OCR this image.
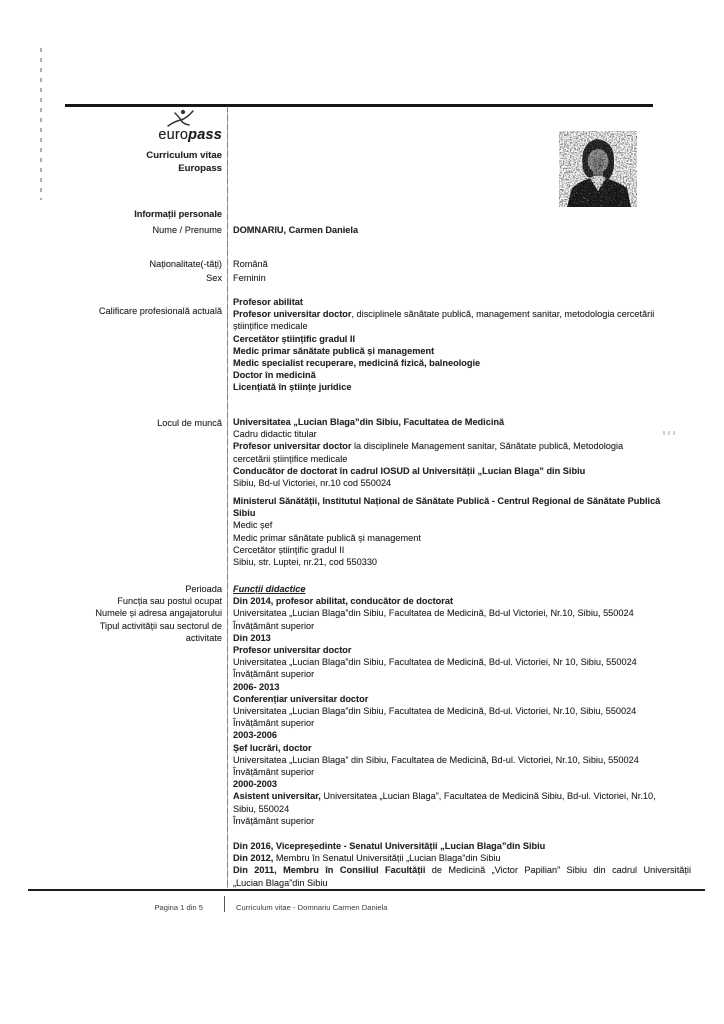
europass
Curriculum vitae
Europass
Informații personale
Nume / Prenume DOMNARIU, Carmen Daniela
Naționalitate(-tăți) Română
Sex Feminin
Calificare profesională actuală
Profesor abilitat
Profesor universitar doctor, disciplinele sănătate publică, management sanitar, metodologia cercetării
științifice medicale
Cercetător științific gradul II
Medic primar sănătate publică și management
Medic specialist recuperare, medicină fizică, balneologie
Doctor în medicină
Licențiată în științe juridice
Locul de muncă Universitatea „Lucian Blaga”din Sibiu, Facultatea de Medicină
Cadru didactic titular
Profesor universitar doctor la disciplinele Management sanitar, Sănătate publică, Metodologia
cercetării științifice medicale
Conducător de doctorat în cadrul IOSUD al Universității „Lucian Blaga” din Sibiu
Sibiu, Bd-ul Victoriei, nr.10 cod 550024
Ministerul Sănătății, Institutul Național de Sănătate Publică - Centrul Regional de Sănătate Publică
Sibiu
Medic șef
Medic primar sănătate publică și management
Cercetător științific gradul II
Sibiu, str. Luptei, nr.21, cod 550330
Perioada
Funcția sau postul ocupat
Numele și adresa angajatorului
Tipul activității sau sectorul de
activitate
Funcții didactice
Din 2014, profesor abilitat, conducător de doctorat
Universitatea „Lucian Blaga”din Sibiu, Facultatea de Medicină, Bd-ul Victoriei, Nr.10, Sibiu, 550024
Învățământ superior
Din 2013
Profesor universitar doctor
Universitatea „Lucian Blaga”din Sibiu, Facultatea de Medicină, Bd-ul. Victoriei, Nr 10, Sibiu, 550024
Învățământ superior
2006- 2013
Conferențiar universitar doctor
Universitatea „Lucian Blaga”din Sibiu, Facultatea de Medicină, Bd-ul. Victoriei, Nr.10, Sibiu, 550024
Învățământ superior
2003-2006
Șef lucrări, doctor
Universitatea „Lucian Blaga” din Sibiu, Facultatea de Medicină, Bd-ul. Victoriei, Nr.10, Sibiu, 550024
Învățământ superior
2000-2003
Asistent universitar, Universitatea „Lucian Blaga”, Facultatea de Medicină Sibiu, Bd-ul. Victoriei, Nr.10,
Sibiu, 550024
Învățământ superior
Din 2016, Vicepreședinte - Senatul Universității „Lucian Blaga”din Sibiu
Din 2012, Membru în Senatul Universității „Lucian Blaga”din Sibiu
Din 2011, Membru în Consiliul Facultății de Medicină „Victor Papilian” Sibiu din cadrul Universității
„Lucian Blaga”din Sibiu
Pagina 1 din 5	Curriculum vitae - Domnariu Carmen Daniela
